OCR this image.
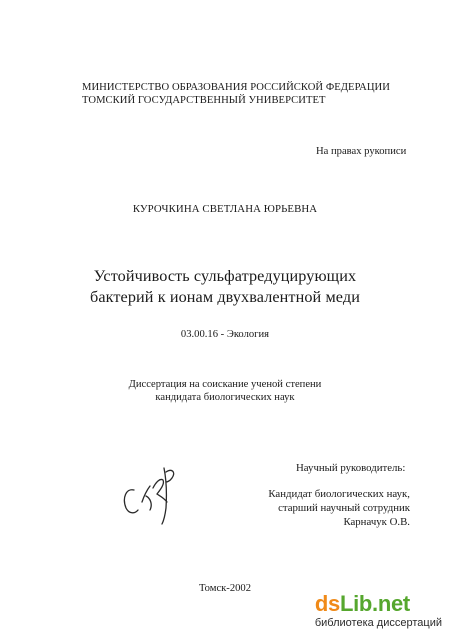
МИНИСТЕРСТВО ОБРАЗОВАНИЯ РОССИЙСКОЙ ФЕДЕРАЦИИ
ТОМСКИЙ ГОСУДАРСТВЕННЫЙ УНИВЕРСИТЕТ
На правах рукописи
КУРОЧКИНА СВЕТЛАНА ЮРЬЕВНА
Устойчивость сульфатредуцирующих
бактерий к ионам двухвалентной меди
03.00.16 - Экология
Диссертация на соискание ученой степени
кандидата биологических наук
Научный руководитель:
Кандидат биологических наук,
старший научный сотрудник
Карначук О.В.
Томск-2002
dsLib.net
библиотека диссертаций
